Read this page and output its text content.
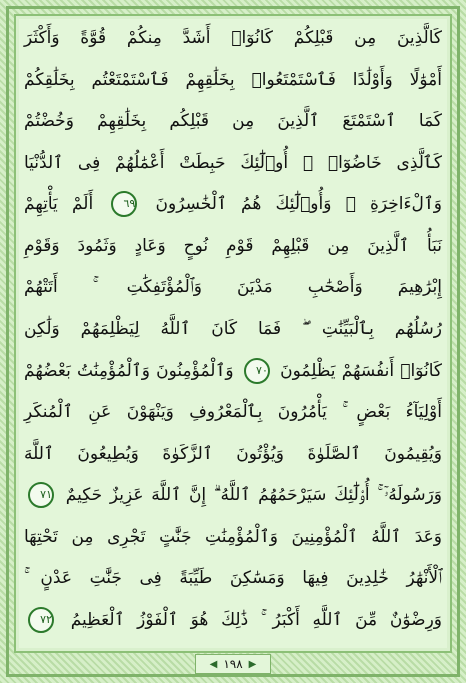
كَالَّذِينَ مِن قَبْلِكُمْ كَانُوٓا۟ أَشَدَّ مِنكُمْ قُوَّةً وَأَكْثَرَ
أَمْوَٰلًا وَأَوْلَٰدًا فَٱسْتَمْتَعُوا۟ بِخَلَٰقِهِمْ فَٱسْتَمْتَعْتُم بِخَلَٰقِكُمْ
كَمَا ٱسْتَمْتَعَ ٱلَّذِينَ مِن قَبْلِكُم بِخَلَٰقِهِمْ وَخُضْتُمْ
كَٱلَّذِى خَاضُوٓا۟ ۚ أُو۟لَٰٓئِكَ حَبِطَتْ أَعْمَٰلُهُمْ فِى ٱلدُّنْيَا
وَٱلْءَاخِرَةِ ۖ وَأُو۟لَٰٓئِكَ هُمُ ٱلْخَٰسِرُونَ ٦٩ أَلَمْ يَأْتِهِمْ
نَبَأُ ٱلَّذِينَ مِن قَبْلِهِمْ قَوْمِ نُوحٍ وَعَادٍ وَثَمُودَ وَقَوْمِ
إِبْرَٰهِيمَ وَأَصْحَٰبِ مَدْيَنَ وَٱلْمُؤْتَفِكَٰتِ ۚ أَتَتْهُمْ
رُسُلُهُم بِٱلْبَيِّنَٰتِ ۖ فَمَا كَانَ ٱللَّهُ لِيَظْلِمَهُمْ وَلَٰكِن
كَانُوٓا۟ أَنفُسَهُمْ يَظْلِمُونَ ٧٠ وَٱلْمُؤْمِنُونَ وَٱلْمُؤْمِنَٰتُ بَعْضُهُمْ
أَوْلِيَآءُ بَعْضٍ ۚ يَأْمُرُونَ بِٱلْمَعْرُوفِ وَيَنْهَوْنَ عَنِ ٱلْمُنكَرِ
وَيُقِيمُونَ ٱلصَّلَوٰةَ وَيُؤْتُونَ ٱلزَّكَوٰةَ وَيُطِيعُونَ ٱللَّهَ
وَرَسُولَهُۥٓ ۚ أُو۟لَٰٓئِكَ سَيَرْحَمُهُمُ ٱللَّهُ ۗ إِنَّ ٱللَّهَ عَزِيزٌ حَكِيمٌ ٧١
وَعَدَ ٱللَّهُ ٱلْمُؤْمِنِينَ وَٱلْمُؤْمِنَٰتِ جَنَّٰتٍ تَجْرِى مِن تَحْتِهَا
ٱلْأَنْهَٰرُ خَٰلِدِينَ فِيهَا وَمَسَٰكِنَ طَيِّبَةً فِى جَنَّٰتِ عَدْنٍ ۚ
وَرِضْوَٰنٌ مِّنَ ٱللَّهِ أَكْبَرُ ۚ ذَٰلِكَ هُوَ ٱلْفَوْزُ ٱلْعَظِيمُ ٧٢
◀ ١٩٨ ▶
